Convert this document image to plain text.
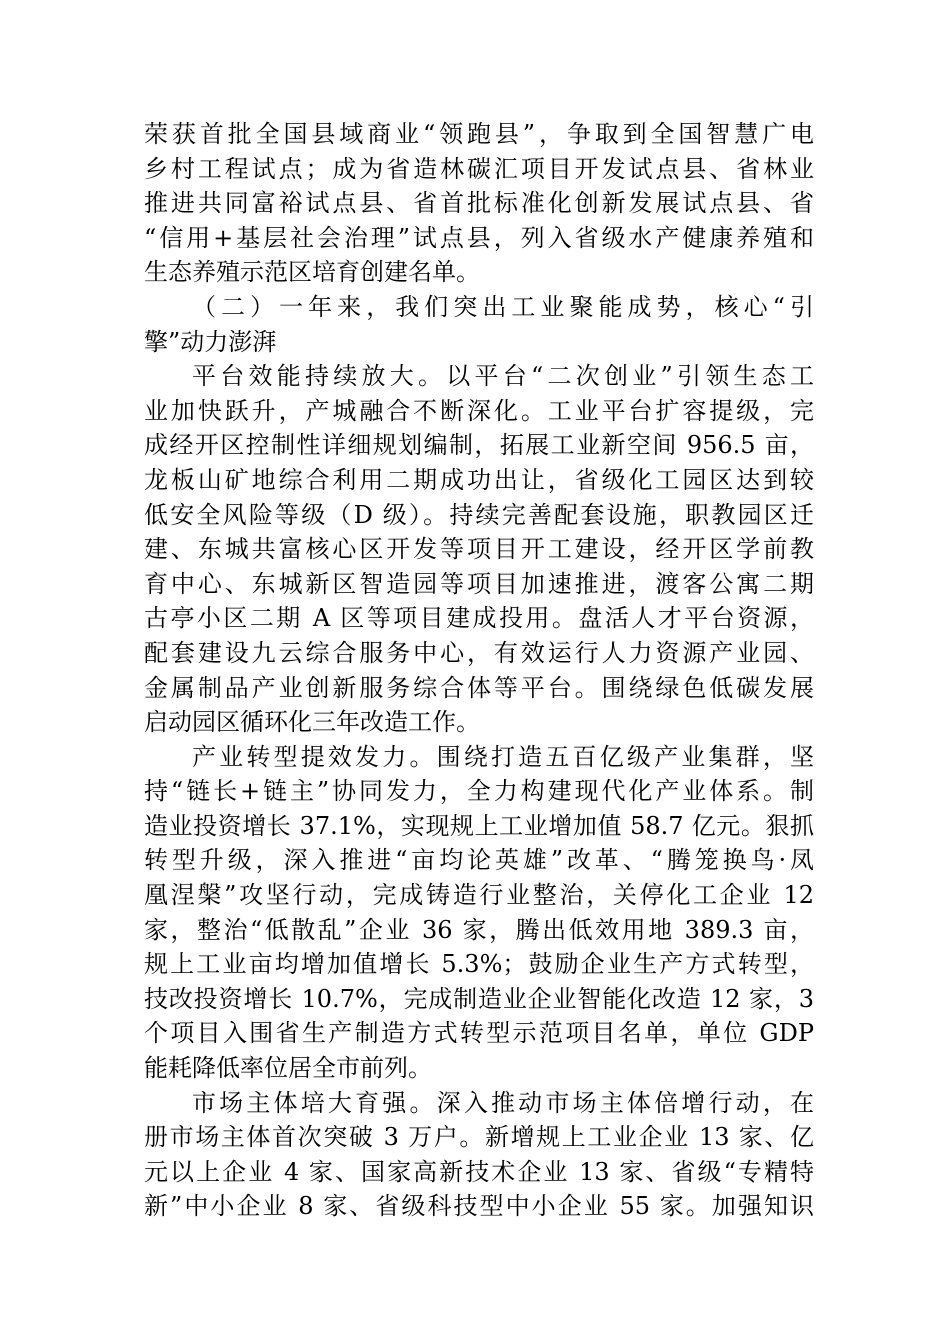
荣获首批全国县域商业“领跑县”，争取到全国智慧广电
乡村工程试点；成为省造林碳汇项目开发试点县、省林业
推进共同富裕试点县、省首批标准化创新发展试点县、省
“信用+基层社会治理”试点县，列入省级水产健康养殖和
生态养殖示范区培育创建名单。
（二）一年来，我们突出工业聚能成势，核心“引
擎”动力澎湃
平台效能持续放大。以平台“二次创业”引领生态工
业加快跃升，产城融合不断深化。工业平台扩容提级，完
成经开区控制性详细规划编制，拓展工业新空间 956.5 亩，
龙板山矿地综合利用二期成功出让，省级化工园区达到较
低安全风险等级（D 级）。持续完善配套设施，职教园区迁
建、东城共富核心区开发等项目开工建设，经开区学前教
育中心、东城新区智造园等项目加速推进，渡客公寓二期
古亭小区二期 A 区等项目建成投用。盘活人才平台资源，
配套建设九云综合服务中心，有效运行人力资源产业园、
金属制品产业创新服务综合体等平台。围绕绿色低碳发展
启动园区循环化三年改造工作。
产业转型提效发力。围绕打造五百亿级产业集群，坚
持“链长+链主”协同发力，全力构建现代化产业体系。制
造业投资增长 37.1%，实现规上工业增加值 58.7 亿元。狠抓
转型升级，深入推进“亩均论英雄”改革、“腾笼换鸟·凤
凰涅槃”攻坚行动，完成铸造行业整治，关停化工企业 12
家，整治“低散乱”企业 36 家，腾出低效用地 389.3 亩，
规上工业亩均增加值增长 5.3%；鼓励企业生产方式转型，
技改投资增长 10.7%，完成制造业企业智能化改造 12 家，3
个项目入围省生产制造方式转型示范项目名单，单位 GDP
能耗降低率位居全市前列。
市场主体培大育强。深入推动市场主体倍增行动，在
册市场主体首次突破 3 万户。新增规上工业企业 13 家、亿
元以上企业 4 家、国家高新技术企业 13 家、省级“专精特
新”中小企业 8 家、省级科技型中小企业 55 家。加强知识
